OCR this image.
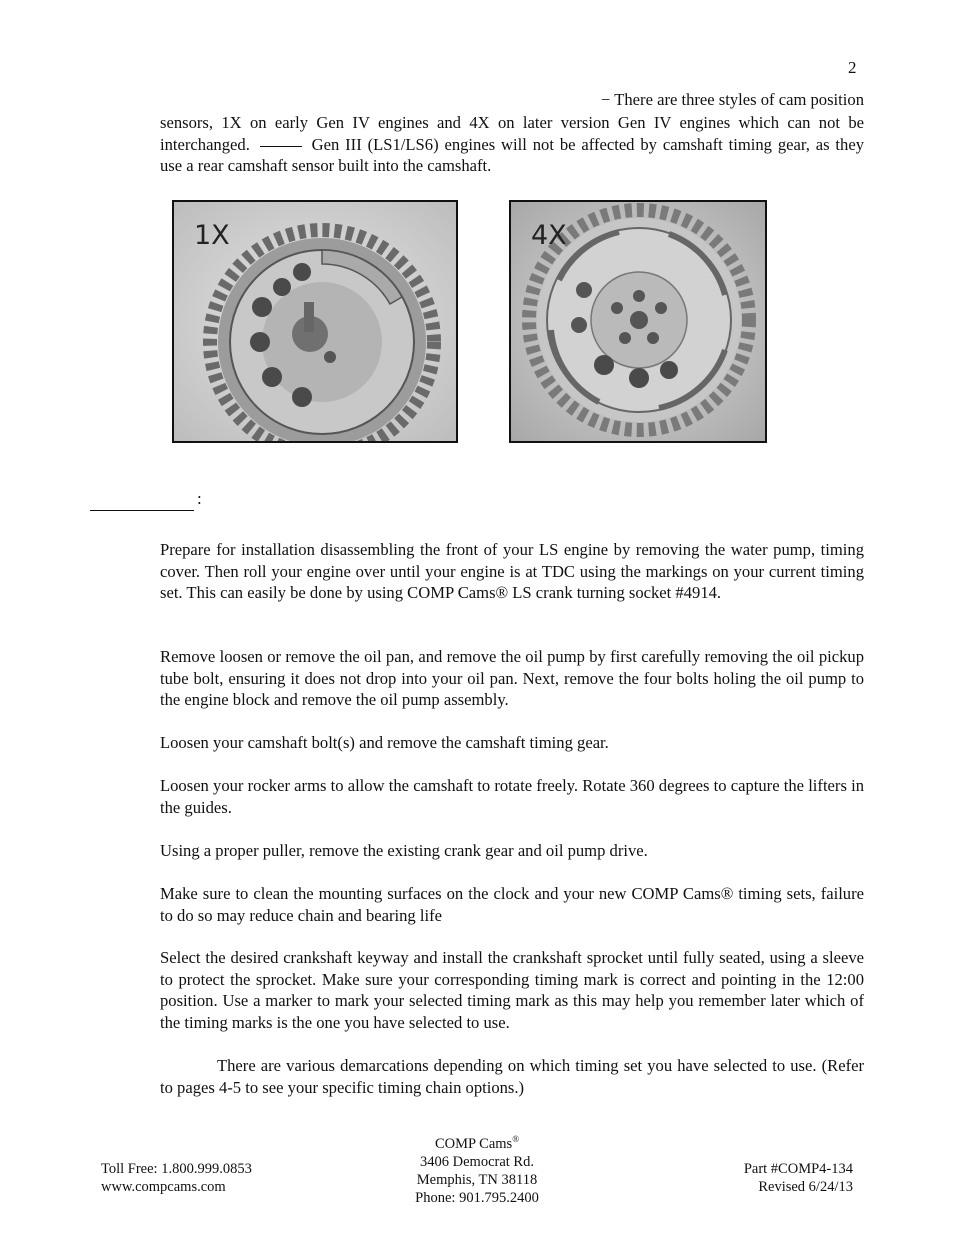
2
− There are three styles of cam position

sensors, 1X on early Gen IV engines and 4X on later version Gen IV engines which can not be interchanged.	Gen III (LS1/LS6) engines will not be affected by camshaft timing gear, as they use a rear camshaft sensor built into the camshaft.

1X	4X
:

Prepare for installation disassembling the front of your LS engine by removing the water pump, timing cover. Then roll your engine over until your engine is at TDC using the markings on your current timing set. This can easily be done by using COMP Cams® LS crank turning socket #4914.

Remove loosen or remove the oil pan, and remove the oil pump by first carefully removing the oil pickup tube bolt, ensuring it does not drop into your oil pan. Next, remove the four bolts holing the oil pump to the engine block and remove the oil pump assembly.

Loosen your camshaft bolt(s) and remove the camshaft timing gear.

Loosen your rocker arms to allow the camshaft to rotate freely. Rotate 360 degrees to capture the lifters in the guides.

Using a proper puller, remove the existing crank gear and oil pump drive.

Make sure to clean the mounting surfaces on the clock and your new COMP Cams® timing sets, failure to do so may reduce chain and bearing life

Select the desired crankshaft keyway and install the crankshaft sprocket until fully seated, using a sleeve to protect the sprocket. Make sure your corresponding timing mark is correct and pointing in the 12:00 position. Use a marker to mark your selected timing mark as this may help you remember later which of the timing marks is the one you have selected to use.

There are various demarcations depending on which timing set you have selected to use. (Refer to pages 4-5 to see your specific timing chain options.)

Toll Free: 1.800.999.0853
www.compcams.com
COMP Cams®
3406 Democrat Rd.
Memphis, TN 38118
Phone: 901.795.2400
Part #COMP4-134
Revised 6/24/13
